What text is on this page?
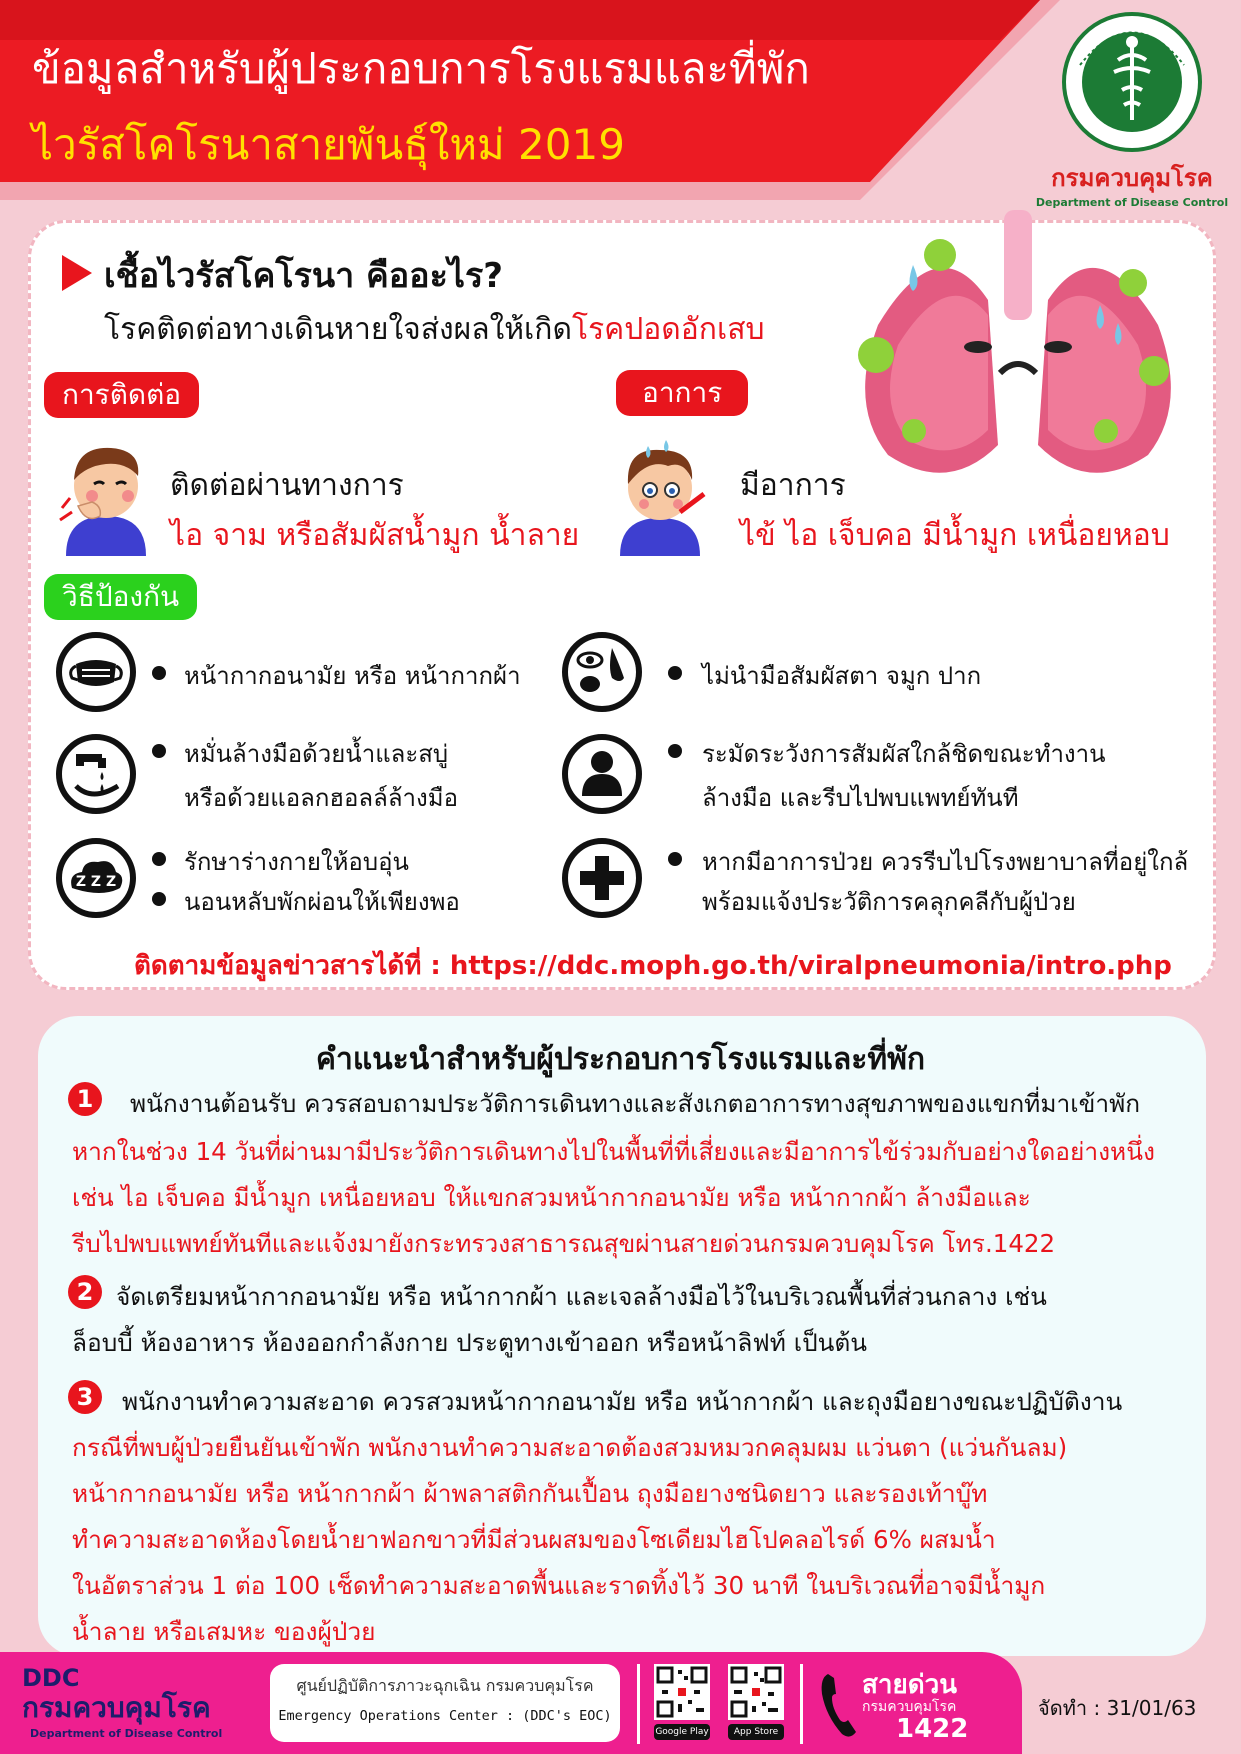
ข้อมูลสำหรับผู้ประกอบการโรงแรมและที่พัก
ไวรัสโคโรนาสายพันธุ์ใหม่ 2019
กรมควบคุมโรค
Department of Disease Control
เชื้อไวรัสโคโรนา คืออะไร?
โรคติดต่อทางเดินหายใจส่งผลให้เกิดโรคปอดอักเสบ
การติดต่อ
ติดต่อผ่านทางการ
ไอ จาม หรือสัมผัสน้ำมูก น้ำลาย
อาการ
มีอาการ
ไข้ ไอ เจ็บคอ มีน้ำมูก เหนื่อยหอบ
วิธีป้องกัน
Z Z Z
หน้ากากอนามัย หรือ หน้ากากผ้า	ไม่นำมือสัมผัสตา จมูก ปาก
หมั่นล้างมือด้วยน้ำและสบู่
หรือด้วยแอลกฮอลล์ล้างมือ
ระมัดระวังการสัมผัสใกล้ชิดขณะทำงาน
ล้างมือ และรีบไปพบแพทย์ทันที
รักษาร่างกายให้อบอุ่น
นอนหลับพักผ่อนให้เพียงพอ
หากมีอาการป่วย ควรรีบไปโรงพยาบาลที่อยู่ใกล้
พร้อมแจ้งประวัติการคลุกคลีกับผู้ป่วย
ติดตามข้อมูลข่าวสารได้ที่ : https://ddc.moph.go.th/viralpneumonia/intro.php
คำแนะนำสำหรับผู้ประกอบการโรงแรมและที่พัก
1	พนักงานต้อนรับ ควรสอบถามประวัติการเดินทางและสังเกตอาการทางสุขภาพของแขกที่มาเข้าพัก
หากในช่วง 14 วันที่ผ่านมามีประวัติการเดินทางไปในพื้นที่ที่เสี่ยงและมีอาการไข้ร่วมกับอย่างใดอย่างหนึ่ง
เช่น ไอ เจ็บคอ มีน้ำมูก เหนื่อยหอบ ให้แขกสวมหน้ากากอนามัย หรือ หน้ากากผ้า ล้างมือและ
รีบไปพบแพทย์ทันทีและแจ้งมายังกระทรวงสาธารณสุขผ่านสายด่วนกรมควบคุมโรค โทร.1422
2 จัดเตรียมหน้ากากอนามัย หรือ หน้ากากผ้า และเจลล้างมือไว้ในบริเวณพื้นที่ส่วนกลาง เช่น
ล็อบบี้ ห้องอาหาร ห้องออกกำลังกาย ประตูทางเข้าออก หรือหน้าลิฟท์ เป็นต้น
3	พนักงานทำความสะอาด ควรสวมหน้ากากอนามัย หรือ หน้ากากผ้า และถุงมือยางขณะปฏิบัติงาน
กรณีที่พบผู้ป่วยยืนยันเข้าพัก พนักงานทำความสะอาดต้องสวมหมวกคลุมผม แว่นตา (แว่นกันลม)
หน้ากากอนามัย หรือ หน้ากากผ้า ผ้าพลาสติกกันเปื้อน ถุงมือยางชนิดยาว และรองเท้าบู๊ท
ทำความสะอาดห้องโดยน้ำยาฟอกขาวที่มีส่วนผสมของโซเดียมไฮโปคลอไรด์ 6% ผสมน้ำ
ในอัตราส่วน 1 ต่อ 100 เช็ดทำความสะอาดพื้นและราดทิ้งไว้ 30 นาที ในบริเวณที่อาจมีน้ำมูก
น้ำลาย หรือเสมหะ ของผู้ป่วย
DDC
กรมควบคุมโรค
Department of Disease Control
ศูนย์ปฏิบัติการภาวะฉุกเฉิน กรมควบคุมโรค
Emergency Operations Center : (DDC's EOC)
Google Play	App Store
สายด่วน
กรมควบคุมโรค
1422
จัดทำ : 31/01/63
